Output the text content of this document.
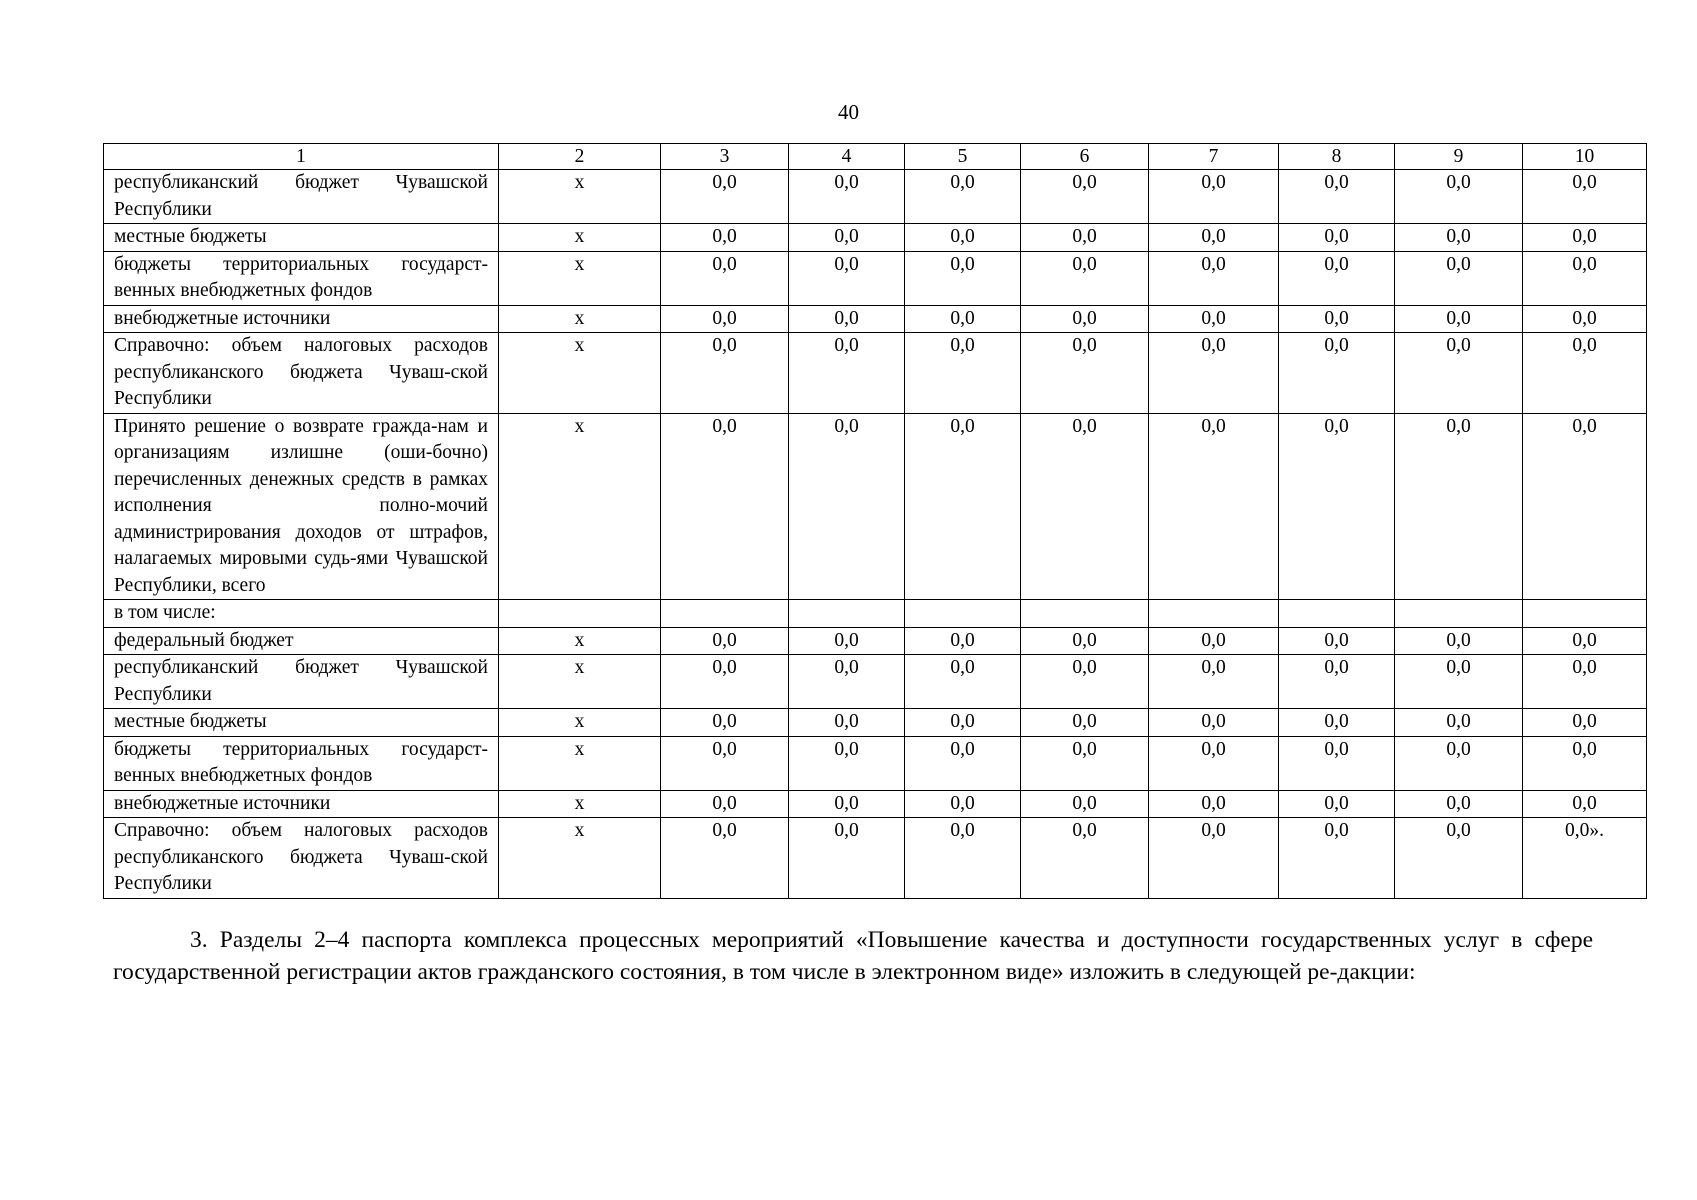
40
1	2	3	4	5	6	7	8	9	10
республиканский бюджет Чувашской Республики	х	0,0	0,0	0,0	0,0	0,0	0,0	0,0	0,0
местные бюджеты	х	0,0	0,0	0,0	0,0	0,0	0,0	0,0	0,0
бюджеты территориальных государст-венных внебюджетных фондов	х	0,0	0,0	0,0	0,0	0,0	0,0	0,0	0,0
внебюджетные источники	х	0,0	0,0	0,0	0,0	0,0	0,0	0,0	0,0
Справочно: объем налоговых расходов республиканского бюджета Чуваш-ской Республики	х	0,0	0,0	0,0	0,0	0,0	0,0	0,0	0,0
Принято решение о возврате гражда-нам и организациям излишне (оши-бочно) перечисленных денежных средств в рамках исполнения полно-мочий администрирования доходов от штрафов, налагаемых мировыми судь-ями Чувашской Республики, всего	х	0,0	0,0	0,0	0,0	0,0	0,0	0,0	0,0
в том числе:									
федеральный бюджет	х	0,0	0,0	0,0	0,0	0,0	0,0	0,0	0,0
республиканский бюджет Чувашской Республики	х	0,0	0,0	0,0	0,0	0,0	0,0	0,0	0,0
местные бюджеты	х	0,0	0,0	0,0	0,0	0,0	0,0	0,0	0,0
бюджеты территориальных государст-венных внебюджетных фондов	х	0,0	0,0	0,0	0,0	0,0	0,0	0,0	0,0
внебюджетные источники	х	0,0	0,0	0,0	0,0	0,0	0,0	0,0	0,0
Справочно: объем налоговых расходов республиканского бюджета Чуваш-ской Республики	х	0,0	0,0	0,0	0,0	0,0	0,0	0,0	0,0».
3. Разделы 2–4 паспорта комплекса процессных мероприятий «Повышение качества и доступности государственных услуг в сфере государственной регистрации актов гражданского состояния, в том числе в электронном виде» изложить в следующей ре-дакции:
